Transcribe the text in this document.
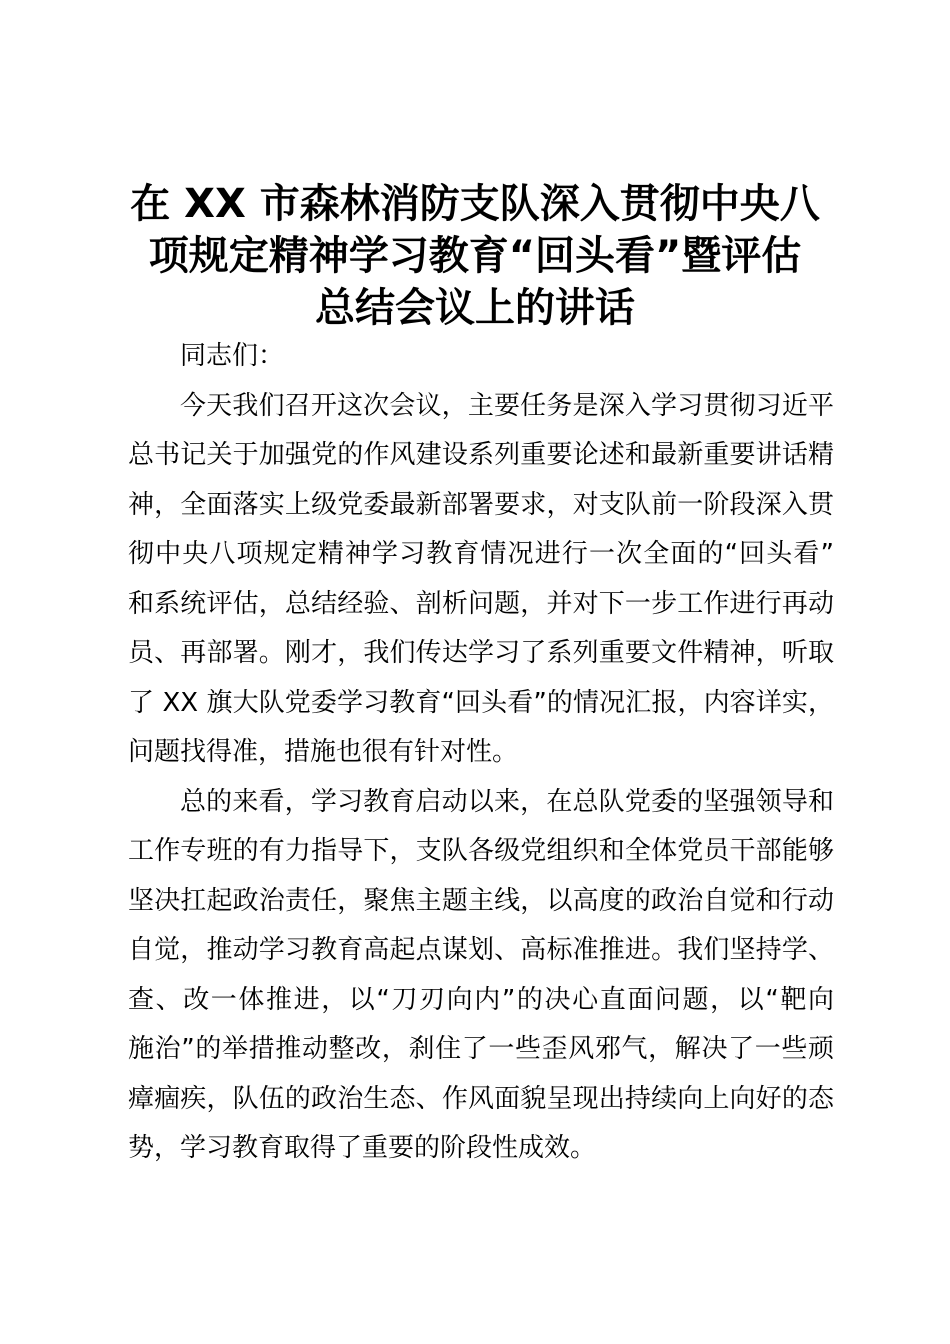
在 XX 市森林消防支队深入贯彻中央八
项规定精神学习教育“回头看”暨评估
总结会议上的讲话
同志们：
今天我们召开这次会议，主要任务是深入学习贯彻习近平
总书记关于加强党的作风建设系列重要论述和最新重要讲话精
神，全面落实上级党委最新部署要求，对支队前一阶段深入贯
彻中央八项规定精神学习教育情况进行一次全面的“回头看”
和系统评估，总结经验、剖析问题，并对下一步工作进行再动
员、再部署。刚才，我们传达学习了系列重要文件精神，听取
了 XX 旗大队党委学习教育“回头看”的情况汇报，内容详实，
问题找得准，措施也很有针对性。
总的来看，学习教育启动以来，在总队党委的坚强领导和
工作专班的有力指导下，支队各级党组织和全体党员干部能够
坚决扛起政治责任，聚焦主题主线，以高度的政治自觉和行动
自觉，推动学习教育高起点谋划、高标准推进。我们坚持学、
查、改一体推进，以“刀刃向内”的决心直面问题，以“靶向
施治”的举措推动整改，刹住了一些歪风邪气，解决了一些顽
瘴痼疾，队伍的政治生态、作风面貌呈现出持续向上向好的态
势，学习教育取得了重要的阶段性成效。
